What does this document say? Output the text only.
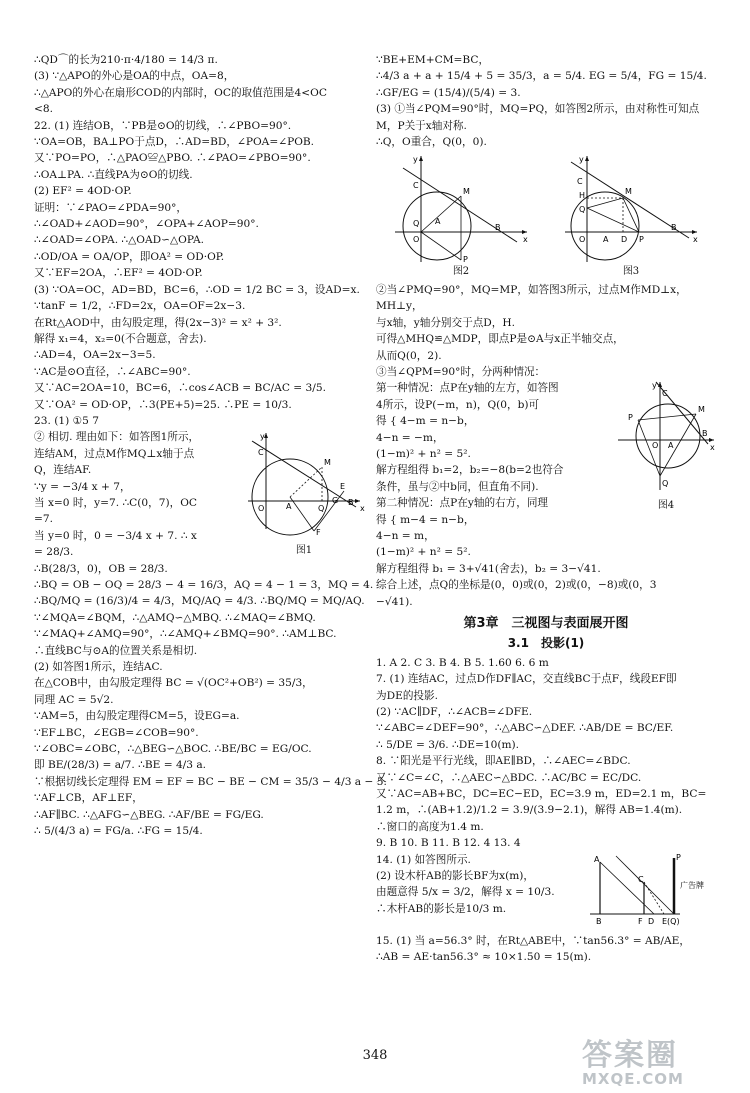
∴QD⌒的长为210·π·4/180 = 14/3 π.
(3) ∵△APO的外心是OA的中点，OA=8，
∴△APO的外心在扇形COD的内部时，OC的取值范围是4<OC
<8.
22. (1) 连结OB，∵PB是⊙O的切线，∴∠PBO=90°.
∵OA=OB，BA⊥PO于点D，∴AD=BD，∠POA=∠POB.
又∵PO=PO，∴△PAO≌△PBO. ∴∠PAO=∠PBO=90°.
∴OA⊥PA. ∴直线PA为⊙O的切线.
(2) EF² = 4OD·OP.
证明：∵∠PAO=∠PDA=90°，
∴∠OAD+∠AOD=90°，∠OPA+∠AOP=90°.
∴∠OAD=∠OPA. ∴△OAD∽△OPA.
∴OD/OA = OA/OP，即OA² = OD·OP.
又∵EF=2OA，∴EF² = 4OD·OP.
(3) ∵OA=OC，AD=BD，BC=6，∴OD = 1/2 BC = 3，设AD=x.
∵tanF = 1/2，∴FD=2x，OA=OF=2x−3.
在Rt△AOD中，由勾股定理，得(2x−3)² = x² + 3².
解得 x₁=4，x₂=0(不合题意，舍去).
∴AD=4，OA=2x−3=5.
∵AC是⊙O直径，∴∠ABC=90°.
又∵AC=2OA=10，BC=6，∴cos∠ACB = BC/AC = 3/5.
又∵OA² = OD·OP，∴3(PE+5)=25. ∴PE = 10/3.
23. (1) ①5 7
C
M
O	A	Q
E
B
F
G
x
y
图1
② 相切. 理由如下：如答图1所示，
连结AM，过点M作MQ⊥x轴于点
Q，连结AF.
∵y = −3/4 x + 7，
当 x=0 时，y=7. ∴C(0，7)，OC
=7.
当 y=0 时，0 = −3/4 x + 7. ∴ x
= 28/3.
∴B(28/3，0)，OB = 28/3.
∴BQ = OB − OQ = 28/3 − 4 = 16/3，AQ = 4 − 1 = 3，MQ = 4.
∴BQ/MQ = (16/3)/4 = 4/3，MQ/AQ = 4/3. ∴BQ/MQ = MQ/AQ.
∵∠MQA=∠BQM，∴△AMQ∽△MBQ. ∴∠MAQ=∠BMQ.
∵∠MAQ+∠AMQ=90°，∴∠AMQ+∠BMQ=90°. ∴AM⊥BC.
∴直线BC与⊙A的位置关系是相切.
(2) 如答图1所示，连结AC.
在△COB中，由勾股定理得 BC = √(OC²+OB²) = 35/3，
同理 AC = 5√2.
∵AM=5，由勾股定理得CM=5，设EG=a.
∵EF⊥BC，∠EGB=∠COB=90°.
∵∠OBC=∠OBC，∴△BEG∽△BOC. ∴BE/BC = EG/OC.
即 BE/(28/3) = a/7. ∴BE = 4/3 a.
∵根据切线长定理得 EM = EF = BC − BE − CM = 35/3 − 4/3 a − 5.
∵AF⊥CB，AF⊥EF，
∴AF∥BC. ∴△AFG∽△BEG. ∴AF/BE = FG/EG.
∴ 5/(4/3 a) = FG/a. ∴FG = 15/4.
∵BE+EM+CM=BC，
∴4/3 a + a + 15/4 + 5 = 35/3，a = 5/4. EG = 5/4，FG = 15/4.
∴GF/EG = (15/4)/(5/4) = 3.
(3) ①当∠PQM=90°时，MQ=PQ，如答图2所示，由对称性可知点
M，P关于x轴对称.
∴Q，O重合，Q(0，0).
C
M
Q
O
A
B
P
x
y
图2
C
H	M
Q
O A D P
B
x
y
图3
②当∠PMQ=90°，MQ=MP，如答图3所示，过点M作MD⊥x，
MH⊥y，
与x轴，y轴分别交于点D，H.
可得△MHQ≌△MDP，即点P是⊙A与x正半轴交点，
从而Q(0，2).
③当∠QPM=90°时，分两种情况：
C
P
M
O A
B
Q
x
y
图4
第一种情况：点P在y轴的左方，如答图
4所示，设P(−m，n)，Q(0，b)可
得 { 4−m = n−b，
4−n = −m，
(1−m)² + n² = 5².
解方程组得 b₁=2，b₂=−8(b=2也符合
条件，虽与②中b同，但直角不同).
第二种情况：点P在y轴的右方，同理
得 { m−4 = n−b，
4−n = m，
(1−m)² + n² = 5².
解方程组得 b₁ = 3+√41(舍去)，b₂ = 3−√41.
综合上述，点Q的坐标是(0，0)或(0，2)或(0，−8)或(0，3
−√41).
第3章　三视图与表面展开图
3.1　投影(1)
1. A 2. C 3. B 4. B 5. 1.60 6. 6 m
7. (1) 连结AC，过点D作DF∥AC，交直线BC于点F，线段EF即
为DE的投影.
(2) ∵AC∥DF，∴∠ACB=∠DFE.
∵∠ABC=∠DEF=90°，∴△ABC∽△DEF. ∴AB/DE = BC/EF.
∴ 5/DE = 3/6. ∴DE=10(m).
8. ∵阳光是平行光线，即AE∥BD，∴∠AEC=∠BDC.
又∵∠C=∠C，∴△AEC∽△BDC. ∴AC/BC = EC/DC.
又∵AC=AB+BC，DC=EC−ED，EC=3.9 m，ED=2.1 m，BC=
1.2 m，∴(AB+1.2)/1.2 = 3.9/(3.9−2.1)，解得 AB=1.4(m).
∴窗口的高度为1.4 m.
9. B 10. B 11. B 12. 4 13. 4
A
C
P
B	F D E(Q)
广告牌
14. (1) 如答图所示.
(2) 设木杆AB的影长BF为x(m)，
由题意得 5/x = 3/2，解得 x = 10/3.
∴木杆AB的影长是10/3 m.
15. (1) 当 a=56.3° 时，在Rt△ABE中，∵tan56.3° = AB/AE，
∴AB = AE·tan56.3° ≈ 10×1.50 = 15(m).
348	答案圈
MXQE.COM
